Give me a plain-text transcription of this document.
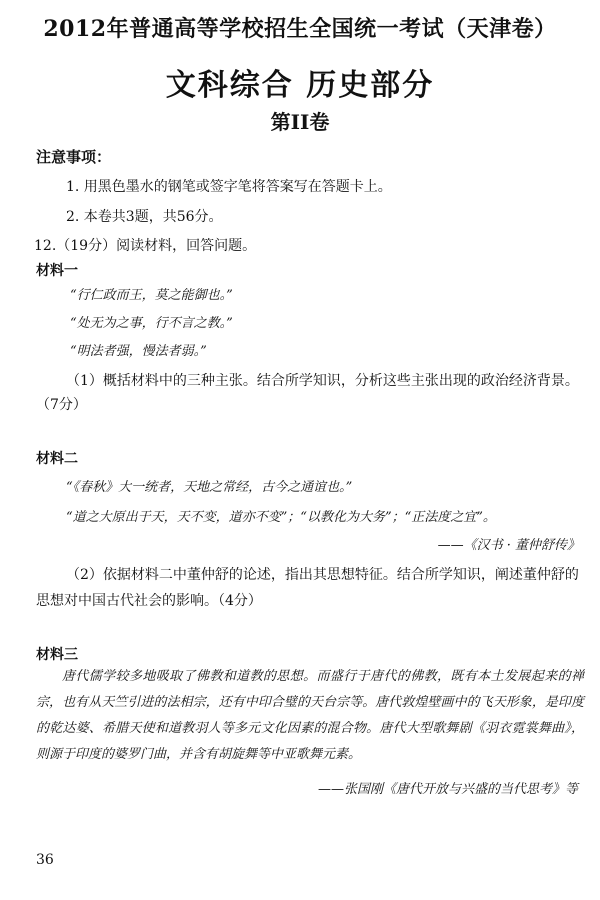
2012年普通高等学校招生全国统一考试（天津卷）
文科综合 历史部分
第II卷
注意事项：
1. 用黑色墨水的钢笔或签字笔将答案写在答题卡上。
2. 本卷共3题，共56分。
12.（19分）阅读材料，回答问题。
材料一
“行仁政而王，莫之能御也。”
“处无为之事，行不言之教。”
“明法者强，慢法者弱。”
（1）概括材料中的三种主张。结合所学知识，分析这些主张出现的政治经济背景。
（7分）
材料二
“《春秋》大一统者，天地之常经，古今之通谊也。”
“道之大原出于天，天不变，道亦不变”；“以教化为大务”；“正法度之宜”。
——《汉书 · 董仲舒传》
（2）依据材料二中董仲舒的论述，指出其思想特征。结合所学知识，阐述董仲舒的
思想对中国古代社会的影响。（4分）
材料三
唐代儒学较多地吸取了佛教和道教的思想。而盛行于唐代的佛教，既有本土发展起来的禅宗，也有从天竺引进的法相宗，还有中印合璧的天台宗等。唐代敦煌壁画中的飞天形象，是印度的乾达婆、希腊天使和道教羽人等多元文化因素的混合物。唐代大型歌舞剧《羽衣霓裳舞曲》，则源于印度的婆罗门曲，并含有胡旋舞等中亚歌舞元素。
——张国刚《唐代开放与兴盛的当代思考》等
36
